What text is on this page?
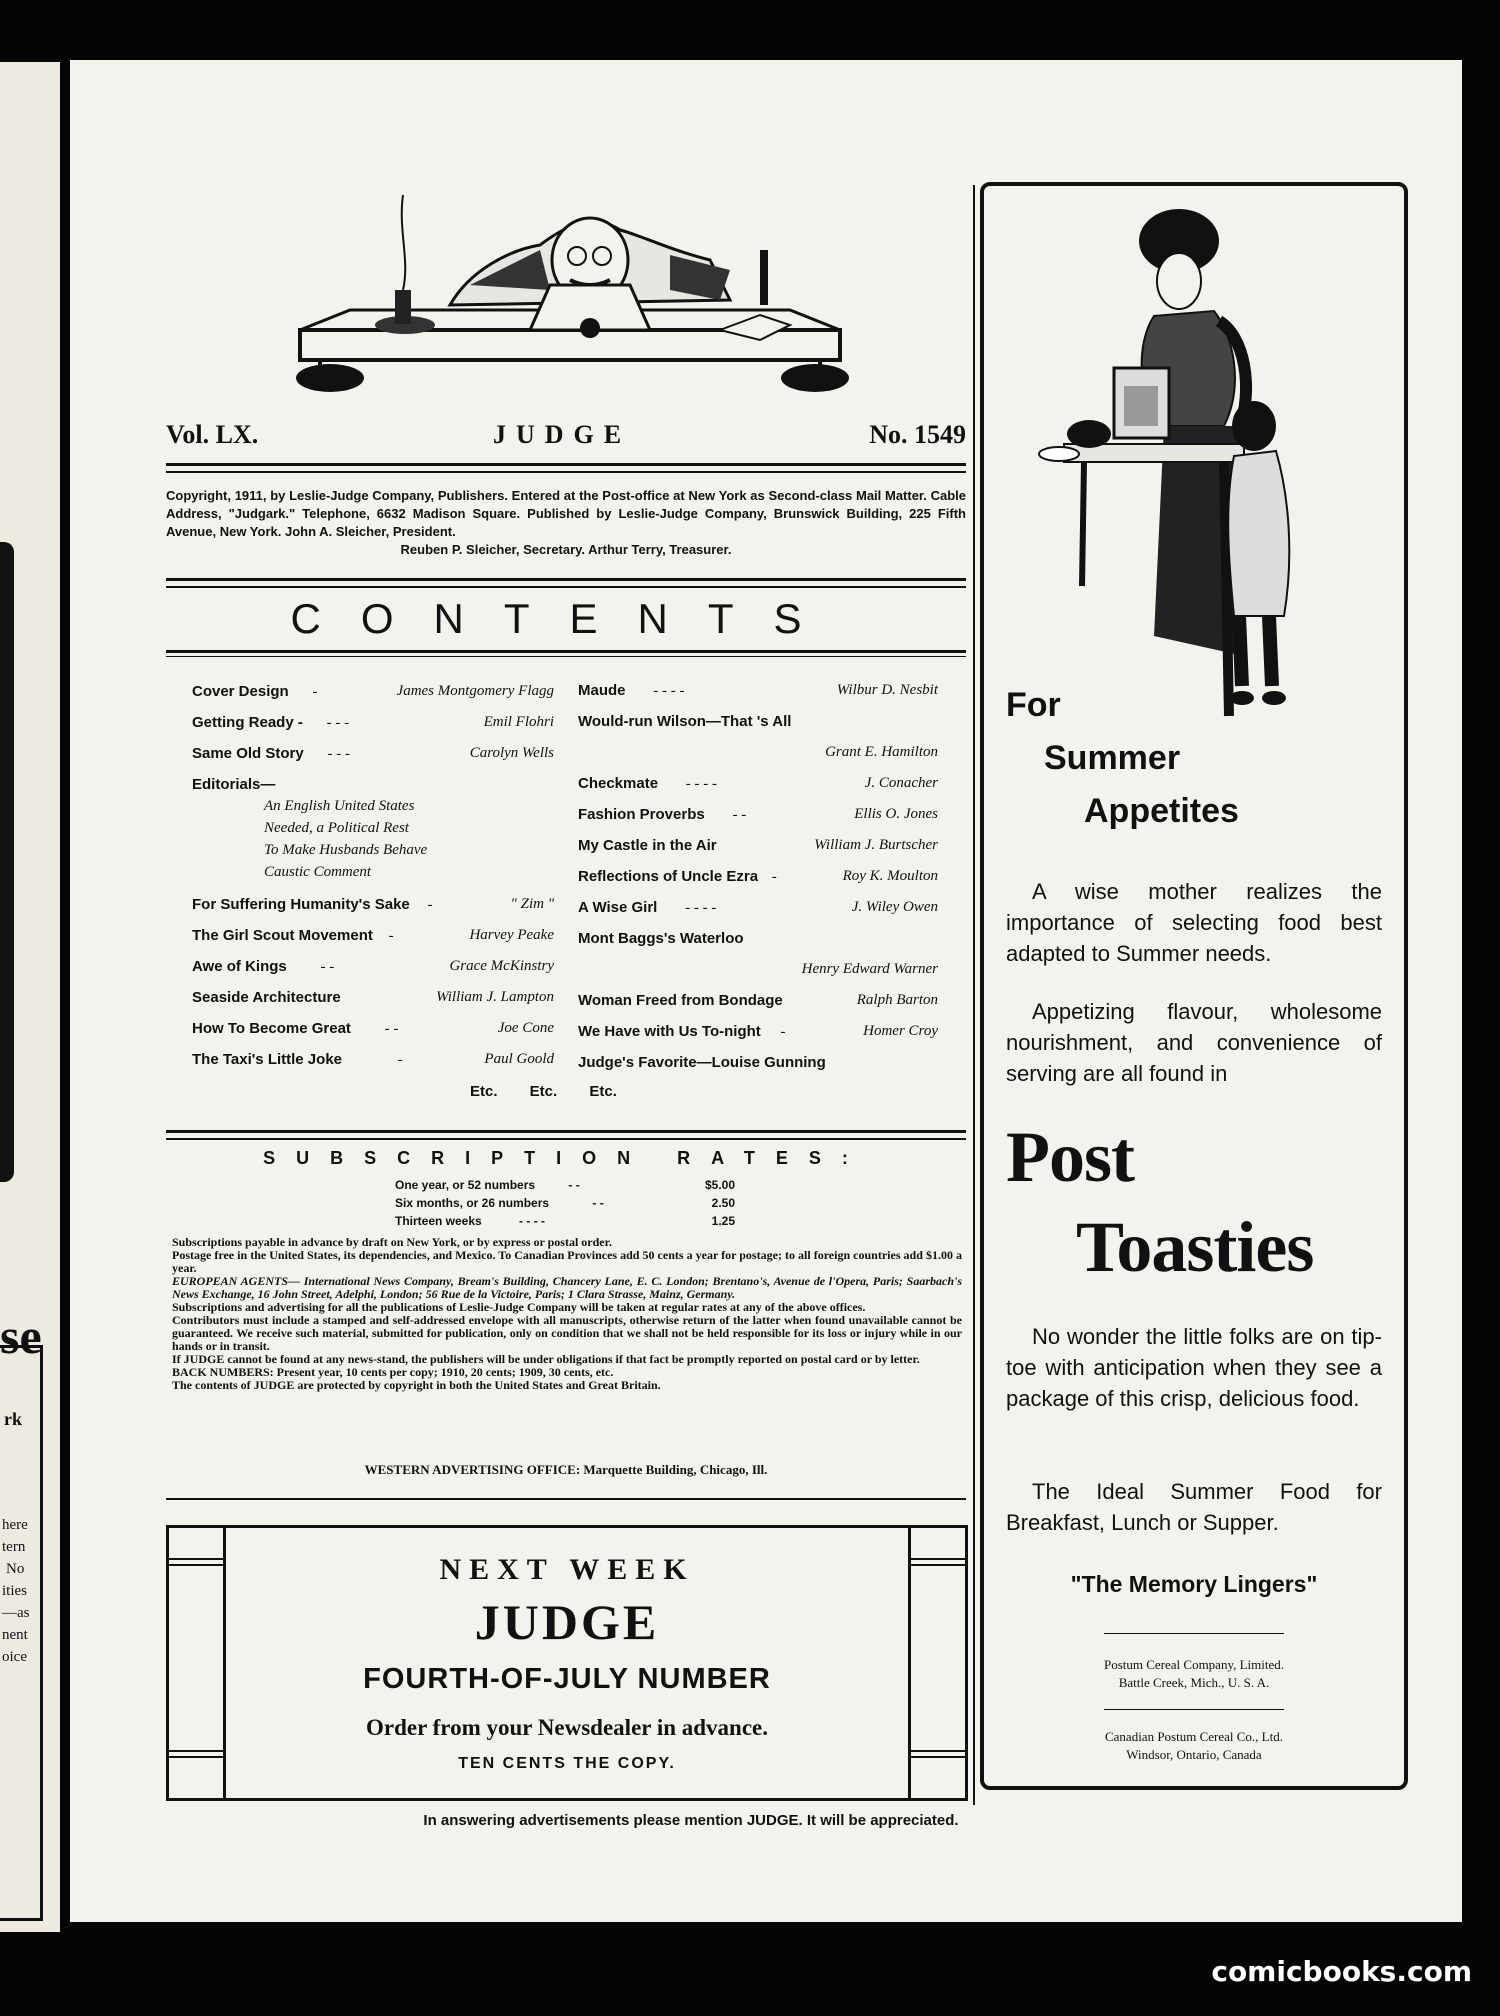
se
rk
here
tern
No
ities
—as
nent
oice
Vol. LX.	JUDGE	No. 1549
Copyright, 1911, by Leslie-Judge Company, Publishers. Entered at the Post-office at New York as Second-class Mail Matter. Cable Address, "Judgark." Telephone, 6632 Madison Square. Published by Leslie-Judge Company, Brunswick Building, 225 Fifth Avenue, New York. John A. Sleicher, President.
Reuben P. Sleicher, Secretary. Arthur Terry, Treasurer.
CONTENTS
Cover Design -	James Montgomery Flagg
Getting Ready - - - -	Emil Flohri
Same Old Story - - -	Carolyn Wells
Editorials—
An English United States
Needed, a Political Rest
To Make Husbands Behave
Caustic Comment
For Suffering Humanity's Sake -	" Zim "
The Girl Scout Movement -	Harvey Peake
Awe of Kings - -	Grace McKinstry
Seaside Architecture	William J. Lampton
How To Become Great - -	Joe Cone
The Taxi's Little Joke	-	Paul Goold
Maude - - - -	Wilbur D. Nesbit
Would-run Wilson—That 's All
Grant E. Hamilton
Checkmate - - - -	J. Conacher
Fashion Proverbs - -	Ellis O. Jones
My Castle in the Air	William J. Burtscher
Reflections of Uncle Ezra -	Roy K. Moulton
A Wise Girl - - - -	J. Wiley Owen
Mont Baggs's Waterloo
Henry Edward Warner
Woman Freed from Bondage	Ralph Barton
We Have with Us To-night -	Homer Croy
Judge's Favorite—Louise Gunning
Etc. Etc. Etc.
SUBSCRIPTION RATES:
One year, or 52 numbers	- -	$5.00
Six months, or 26 numbers	- -	2.50
Thirteen weeks	- - - -	1.25
Subscriptions payable in advance by draft on New York, or by express or postal order.
Postage free in the United States, its dependencies, and Mexico. To Canadian Provinces add 50 cents a year for postage; to all foreign countries add $1.00 a year.
EUROPEAN AGENTS— International News Company, Bream's Building, Chancery Lane, E. C. London; Brentano's, Avenue de l'Opera, Paris; Saarbach's News Exchange, 16 John Street, Adelphi, London; 56 Rue de la Victoire, Paris; 1 Clara Strasse, Mainz, Germany.
Subscriptions and advertising for all the publications of Leslie-Judge Company will be taken at regular rates at any of the above offices.
Contributors must include a stamped and self-addressed envelope with all manuscripts, otherwise return of the latter when found unavailable cannot be guaranteed. We receive such material, submitted for publication, only on condition that we shall not be held responsible for its loss or injury while in our hands or in transit.
If JUDGE cannot be found at any news-stand, the publishers will be under obligations if that fact be promptly reported on postal card or by letter.
BACK NUMBERS: Present year, 10 cents per copy; 1910, 20 cents; 1909, 30 cents, etc.
The contents of JUDGE are protected by copyright in both the United States and Great Britain.
WESTERN ADVERTISING OFFICE: Marquette Building, Chicago, Ill.
NEXT WEEK
JUDGE
FOURTH-OF-JULY NUMBER
Order from your Newsdealer in advance.
TEN CENTS THE COPY.
In answering advertisements please mention JUDGE. It will be appreciated.
For
Summer
Appetites
A wise mother realizes the importance of selecting food best adapted to Summer needs.
Appetizing flavour, wholesome nourishment, and convenience of serving are all found in
Post
Toasties
No wonder the little folks are on tip-toe with anticipation when they see a package of this crisp, delicious food.
The Ideal Summer Food for Breakfast, Lunch or Supper.
"The Memory Lingers"
Postum Cereal Company, Limited.
Battle Creek, Mich., U. S. A.
Canadian Postum Cereal Co., Ltd.
Windsor, Ontario, Canada
comicbooks.com
